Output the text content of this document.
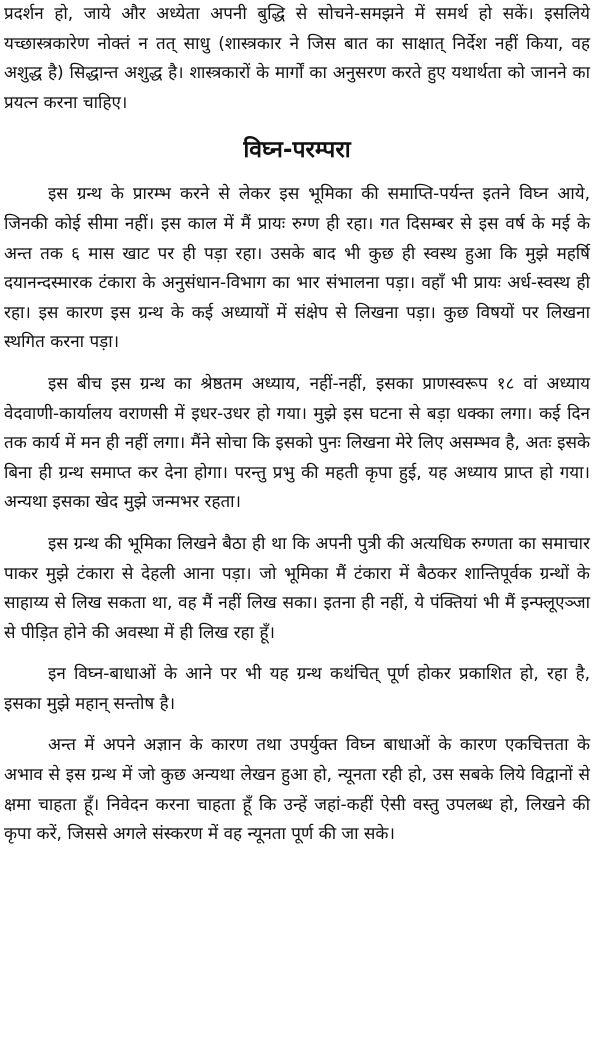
प्रदर्शन हो, जाये और अध्येता अपनी बुद्धि से सोचने-समझने में समर्थ हो सकें। इसलिये यच्छास्त्रकारेण नोक्तं न तत् साधु (शास्त्रकार ने जिस बात का साक्षात् निर्देश नहीं किया, वह अशुद्ध है) सिद्धान्त अशुद्ध है। शास्त्रकारों के मार्गों का अनुसरण करते हुए यथार्थता को जानने का प्रयत्न करना चाहिए।

विघ्न-परम्परा

इस ग्रन्थ के प्रारम्भ करने से लेकर इस भूमिका की समाप्ति-पर्यन्त इतने विघ्न आये, जिनकी कोई सीमा नहीं। इस काल में मैं प्रायः रुग्ण ही रहा। गत दिसम्बर से इस वर्ष के मई के अन्त तक ६ मास खाट पर ही पड़ा रहा। उसके बाद भी कुछ ही स्वस्थ हुआ कि मुझे महर्षि दयानन्दस्मारक टंकारा के अनुसंधान-विभाग का भार संभालना पड़ा। वहाँ भी प्रायः अर्ध-स्वस्थ ही रहा। इस कारण इस ग्रन्थ के कई अध्यायों में संक्षेप से लिखना पड़ा। कुछ विषयों पर लिखना स्थगित करना पड़ा।

इस बीच इस ग्रन्थ का श्रेष्ठतम अध्याय, नहीं-नहीं, इसका प्राणस्वरूप १८ वां अध्याय वेदवाणी-कार्यालय वराणसी में इधर-उधर हो गया। मुझे इस घटना से बड़ा धक्का लगा। कई दिन तक कार्य में मन ही नहीं लगा। मैंने सोचा कि इसको पुनः लिखना मेरे लिए असम्भव है, अतः इसके बिना ही ग्रन्थ समाप्त कर देना होगा। परन्तु प्रभु की महती कृपा हुई, यह अध्याय प्राप्त हो गया। अन्यथा इसका खेद मुझे जन्मभर रहता।

इस ग्रन्थ की भूमिका लिखने बैठा ही था कि अपनी पुत्री की अत्यधिक रुग्णता का समाचार पाकर मुझे टंकारा से देहली आना पड़ा। जो भूमिका मैं टंकारा में बैठकर शान्तिपूर्वक ग्रन्थों के साहाय्य से लिख सकता था, वह मैं नहीं लिख सका। इतना ही नहीं, ये पंक्तियां भी मैं इन्फ्लूएञ्जा से पीड़ित होने की अवस्था में ही लिख रहा हूँ।

इन विघ्न-बाधाओं के आने पर भी यह ग्रन्थ कथंचित् पूर्ण होकर प्रकाशित हो, रहा है, इसका मुझे महान् सन्तोष है।

अन्त में अपने अज्ञान के कारण तथा उपर्युक्त विघ्न बाधाओं के कारण एकचित्तता के अभाव से इस ग्रन्थ में जो कुछ अन्यथा लेखन हुआ हो, न्यूनता रही हो, उस सबके लिये विद्वानों से क्षमा चाहता हूँ। निवेदन करना चाहता हूँ कि उन्हें जहां-कहीं ऐसी वस्तु उपलब्ध हो, लिखने की कृपा करें, जिससे अगले संस्करण में वह न्यूनता पूर्ण की जा सके।
